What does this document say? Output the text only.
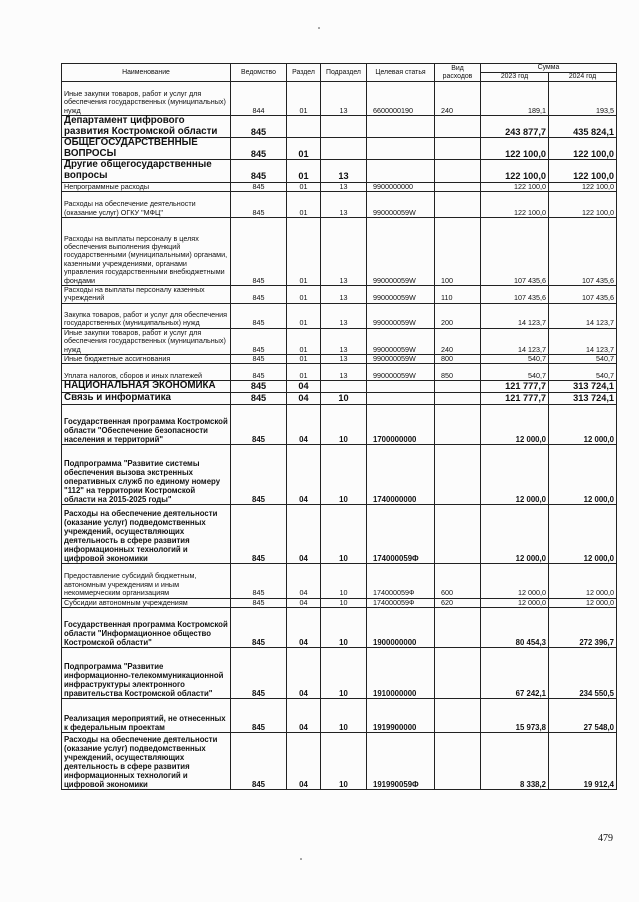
Наименование	Ведомство	Раздел	Подраздел	Целевая статья	Вид расходов	Сумма	
						2023 год	2024 год
Иные закупки товаров, работ и услуг для обеспечения государственных (муниципальных) нужд	844	01	13	6600000190	240	189,1	193,5
Департамент цифрового развития Костромской области	845					243 877,7	435 824,1
ОБЩЕГОСУДАРСТВЕННЫЕ ВОПРОСЫ	845	01				122 100,0	122 100,0
Другие общегосударственные вопросы	845	01	13			122 100,0	122 100,0
Непрограммные расходы	845	01	13	9900000000		122 100,0	122 100,0
Расходы на обеспечение деятельности (оказание услуг) ОГКУ "МФЦ"	845	01	13	990000059W		122 100,0	122 100,0
Расходы на выплаты персоналу в целях обеспечения выполнения функций государственными (муниципальными) органами, казенными учреждениями, органами управления государственными внебюджетными фондами	845	01	13	990000059W	100	107 435,6	107 435,6
Расходы на выплаты персоналу казенных учреждений	845	01	13	990000059W	110	107 435,6	107 435,6
Закупка товаров, работ и услуг для обеспечения государственных (муниципальных) нужд	845	01	13	990000059W	200	14 123,7	14 123,7
Иные закупки товаров, работ и услуг для обеспечения государственных (муниципальных) нужд	845	01	13	990000059W	240	14 123,7	14 123,7
Иные бюджетные ассигнования	845	01	13	990000059W	800	540,7	540,7
Уплата налогов, сборов и иных платежей	845	01	13	990000059W	850	540,7	540,7
НАЦИОНАЛЬНАЯ ЭКОНОМИКА	845	04				121 777,7	313 724,1
Связь и информатика	845	04	10			121 777,7	313 724,1
Государственная программа Костромской области "Обеспечение безопасности населения и территорий"	845	04	10	1700000000		12 000,0	12 000,0
Подпрограмма "Развитие системы обеспечения вызова экстренных оперативных служб по единому номеру "112" на территории Костромской области на 2015-2025 годы"	845	04	10	1740000000		12 000,0	12 000,0
Расходы на обеспечение деятельности (оказание услуг) подведомственных учреждений, осуществляющих деятельность в сфере развития информационных технологий и цифровой экономики	845	04	10	174000059Ф		12 000,0	12 000,0
Предоставление субсидий бюджетным, автономным учреждениям и иным некоммерческим организациям	845	04	10	174000059Ф	600	12 000,0	12 000,0
Субсидии автономным учреждениям	845	04	10	174000059Ф	620	12 000,0	12 000,0
Государственная программа Костромской области "Информационное общество Костромской области"	845	04	10	1900000000		80 454,3	272 396,7
Подпрограмма "Развитие информационно-телекоммуникационной инфраструктуры электронного правительства Костромской области"	845	04	10	1910000000		67 242,1	234 550,5
Реализация мероприятий, не отнесенных к федеральным проектам	845	04	10	1919900000		15 973,8	27 548,0
Расходы на обеспечение деятельности (оказание услуг) подведомственных учреждений, осуществляющих деятельность в сфере развития информационных технологий и цифровой экономики	845	04	10	191990059Ф		8 338,2	19 912,4
479
